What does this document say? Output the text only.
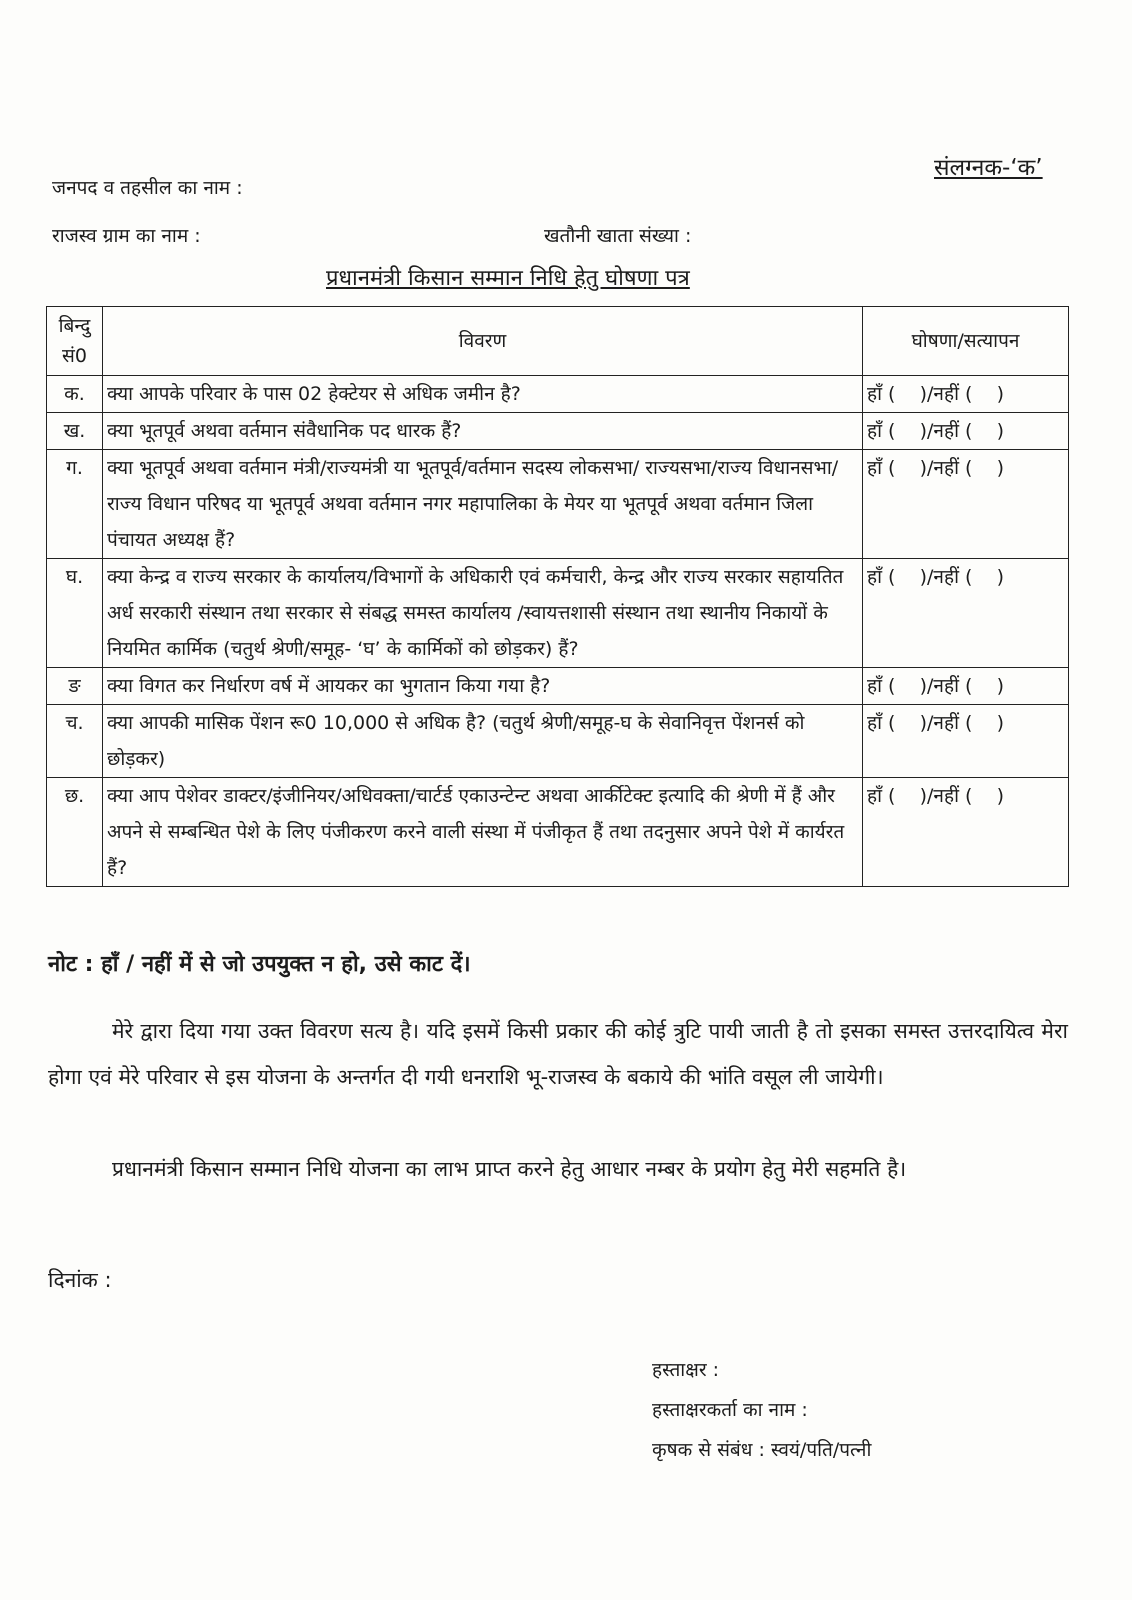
संलग्नक-‘क’
जनपद व तहसील का नाम :
राजस्व ग्राम का नाम :	खतौनी खाता संख्या :
प्रधानमंत्री किसान सम्मान निधि हेतु घोषणा पत्र
बिन्दु सं0	विवरण	घोषणा/सत्यापन
क.	क्या आपके परिवार के पास 02 हेक्टेयर से अधिक जमीन है?	हाँ (    )/नहीं (    )
ख.	क्या भूतपूर्व अथवा वर्तमान संवैधानिक पद धारक हैं?	हाँ (    )/नहीं (    )
ग.	क्या भूतपूर्व अथवा वर्तमान मंत्री/राज्यमंत्री या भूतपूर्व/वर्तमान सदस्य लोकसभा/ राज्यसभा/राज्य विधानसभा/राज्य विधान परिषद या भूतपूर्व अथवा वर्तमान नगर महापालिका के मेयर या भूतपूर्व अथवा वर्तमान जिला पंचायत अध्यक्ष हैं?	हाँ (    )/नहीं (    )
घ.	क्या केन्द्र व राज्य सरकार के कार्यालय/विभागों के अधिकारी एवं कर्मचारी, केन्द्र और राज्य सरकार सहायतित अर्ध सरकारी संस्थान तथा सरकार से संबद्ध समस्त कार्यालय /स्वायत्तशासी संस्थान तथा स्थानीय निकायों के नियमित कार्मिक (चतुर्थ श्रेणी/समूह- ‘घ’ के कार्मिकों को छोड़कर) हैं?	हाँ (    )/नहीं (    )
ङ	क्या विगत कर निर्धारण वर्ष में आयकर का भुगतान किया गया है?	हाँ (    )/नहीं (    )
च.	क्या आपकी मासिक पेंशन रू0 10,000 से अधिक है? (चतुर्थ श्रेणी/समूह-घ के सेवानिवृत्त पेंशनर्स को छोड़कर)	हाँ (    )/नहीं (    )
छ.	क्या आप पेशेवर डाक्टर/इंजीनियर/अधिवक्ता/चार्टर्ड एकाउन्टेन्ट अथवा आर्कीटेक्ट इत्यादि की श्रेणी में हैं और अपने से सम्बन्धित पेशे के लिए पंजीकरण करने वाली संस्था में पंजीकृत हैं तथा तदनुसार अपने पेशे में कार्यरत हैं?	हाँ (    )/नहीं (    )
नोट : हाँ / नहीं में से जो उपयुक्त न हो, उसे काट दें।
मेरे द्वारा दिया गया उक्त विवरण सत्य है। यदि इसमें किसी प्रकार की कोई त्रुटि पायी जाती है तो इसका समस्त उत्तरदायित्व मेरा होगा एवं मेरे परिवार से इस योजना के अन्तर्गत दी गयी धनराशि भू-राजस्व के बकाये की भांति वसूल ली जायेगी।
प्रधानमंत्री किसान सम्मान निधि योजना का लाभ प्राप्त करने हेतु आधार नम्बर के प्रयोग हेतु मेरी सहमति है।
दिनांक :
हस्ताक्षर :
हस्ताक्षरकर्ता का नाम :
कृषक से संबंध : स्वयं/पति/पत्नी
